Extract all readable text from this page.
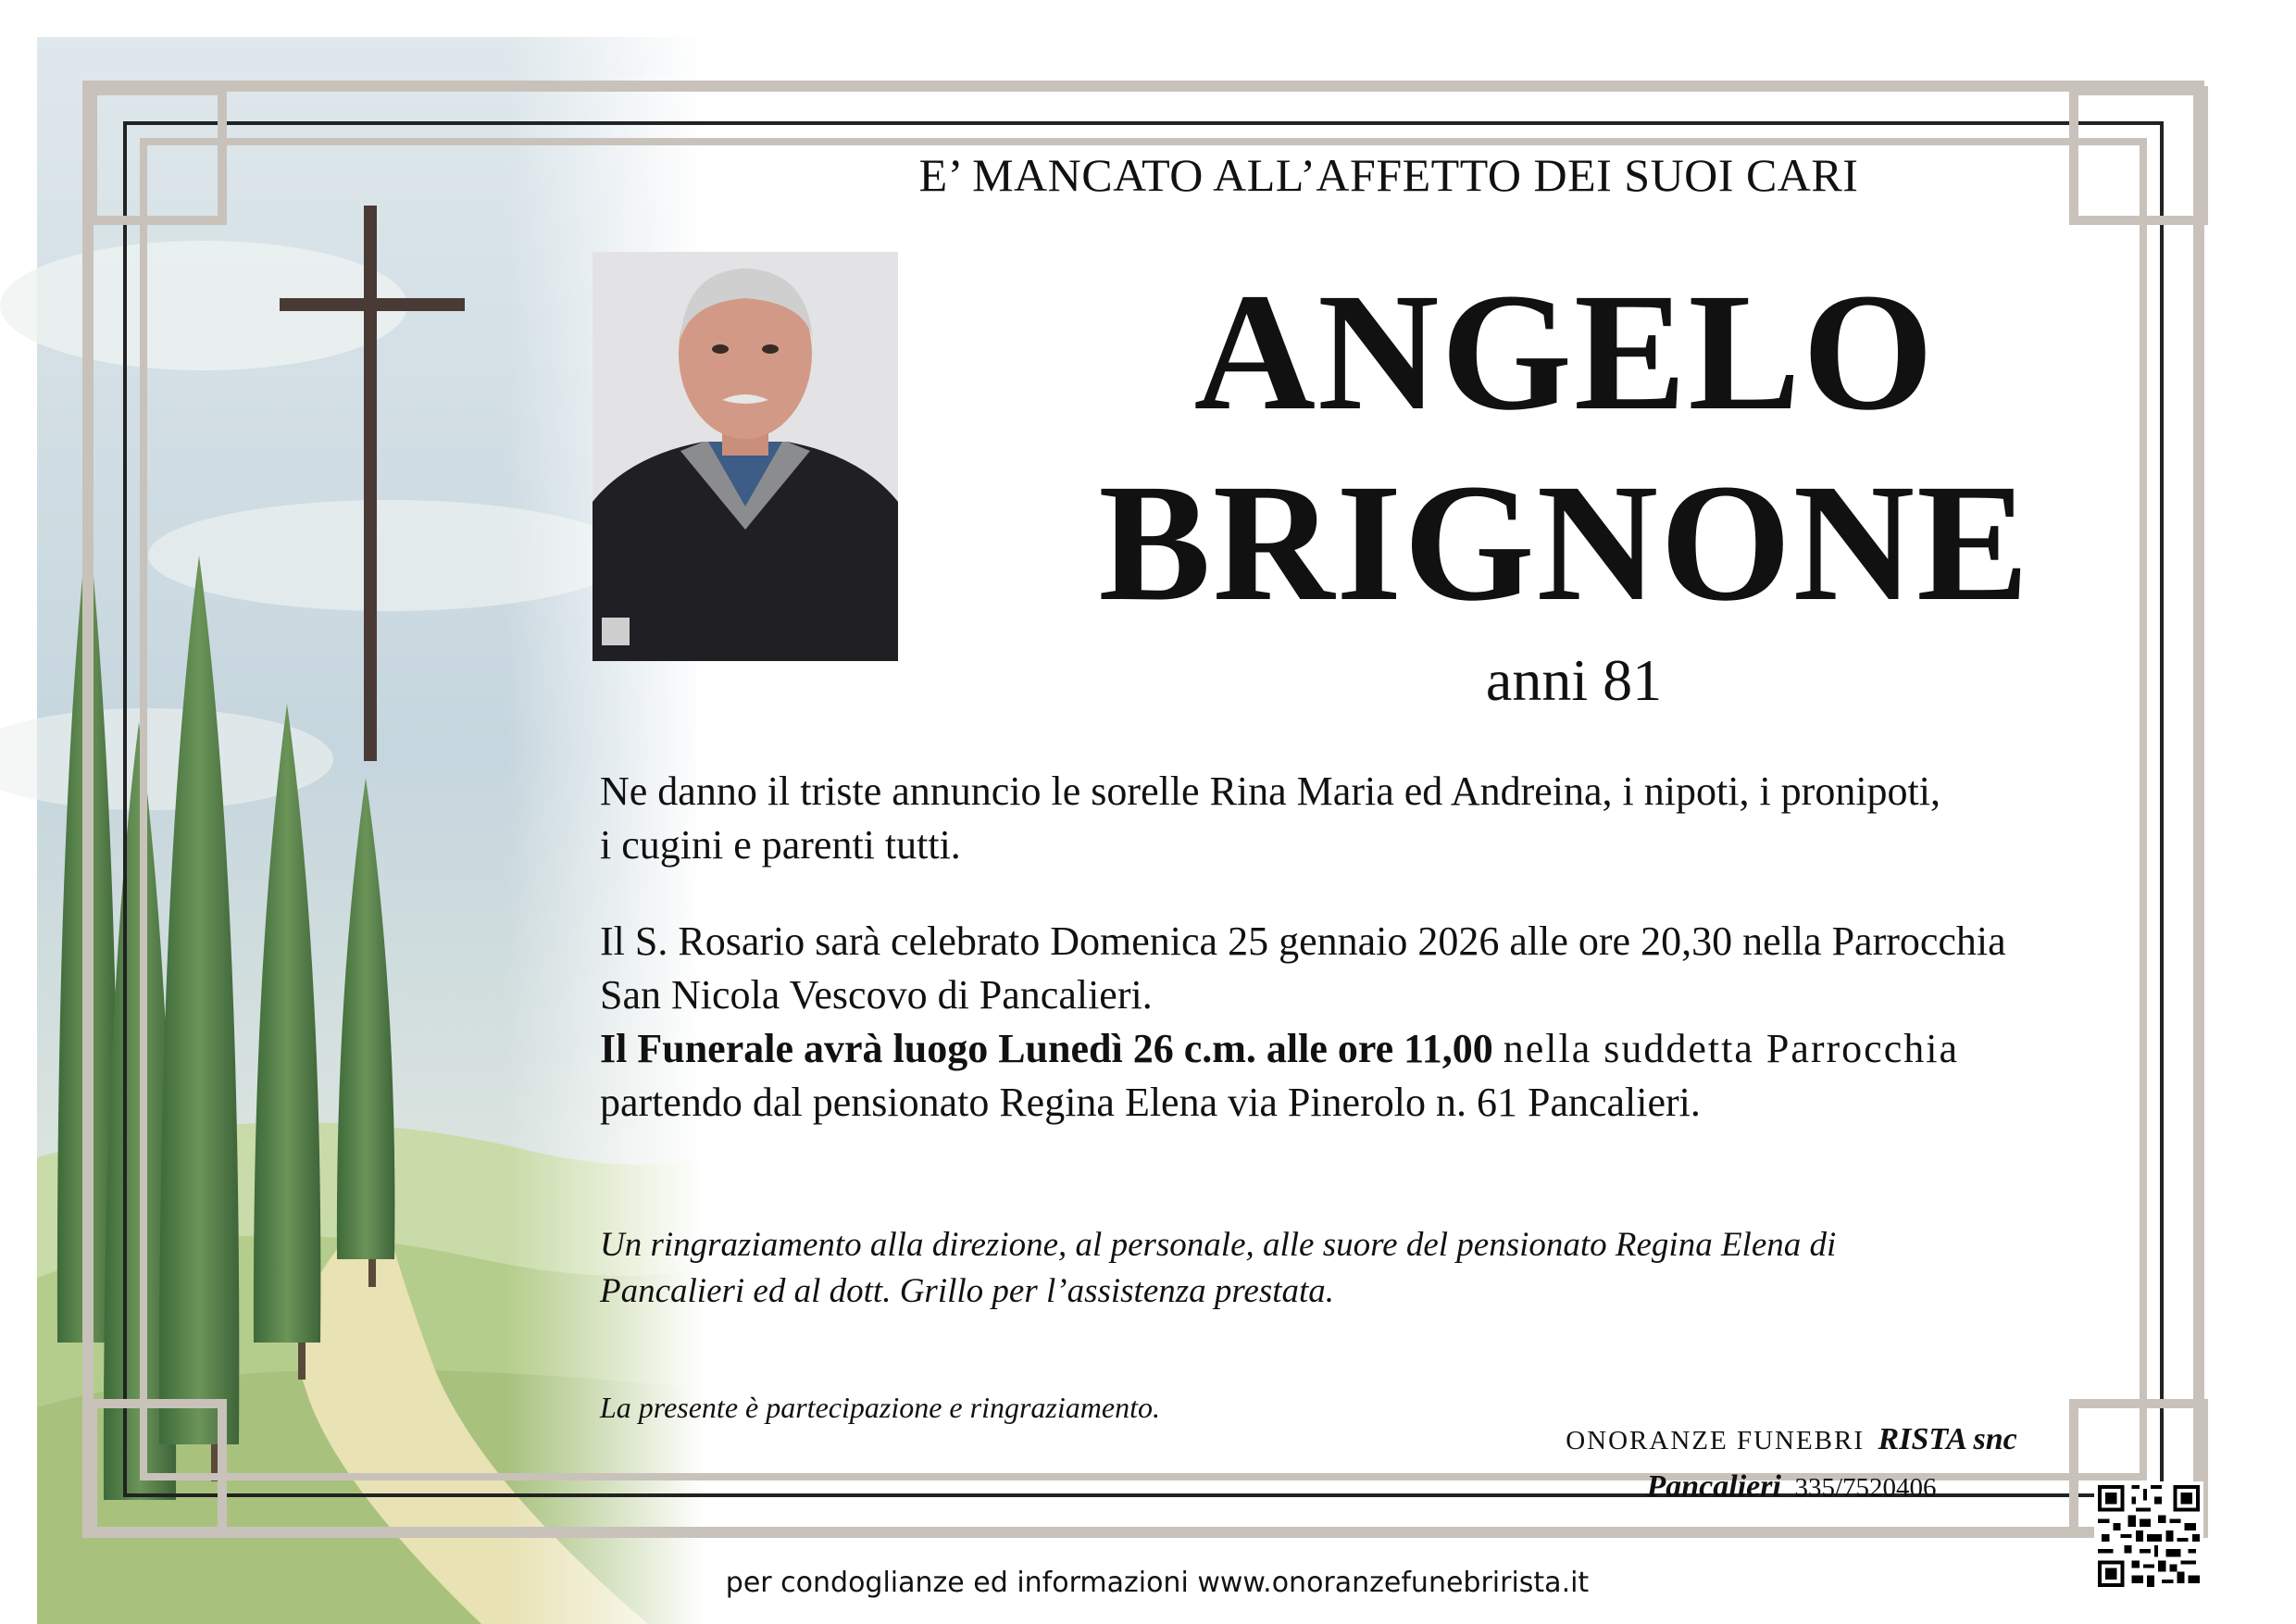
E’ MANCATO ALL’AFFETTO DEI SUOI CARI

ANGELO

BRIGNONE

anni 81

Ne danno il triste annuncio le sorelle Rina Maria ed Andreina, i nipoti, i pronipoti,
i cugini e parenti tutti.
Il S. Rosario sarà celebrato Domenica 25 gennaio 2026 alle ore 20,30 nella Parrocchia
San Nicola Vescovo di Pancalieri.
Il Funerale avrà luogo Lunedì 26 c.m. alle ore 11,00 nella suddetta Parrocchia
partendo dal pensionato Regina Elena via Pinerolo n. 61 Pancalieri.
Un ringraziamento alla direzione, al personale, alle suore del pensionato Regina Elena di
Pancalieri ed al dott. Grillo per l’assistenza prestata.

La presente è partecipazione e ringraziamento.

ONORANZE FUNEBRI RISTA snc
Pancalieri 335/7520406

per condoglianze ed informazioni www.onoranzefunebrirista.it
